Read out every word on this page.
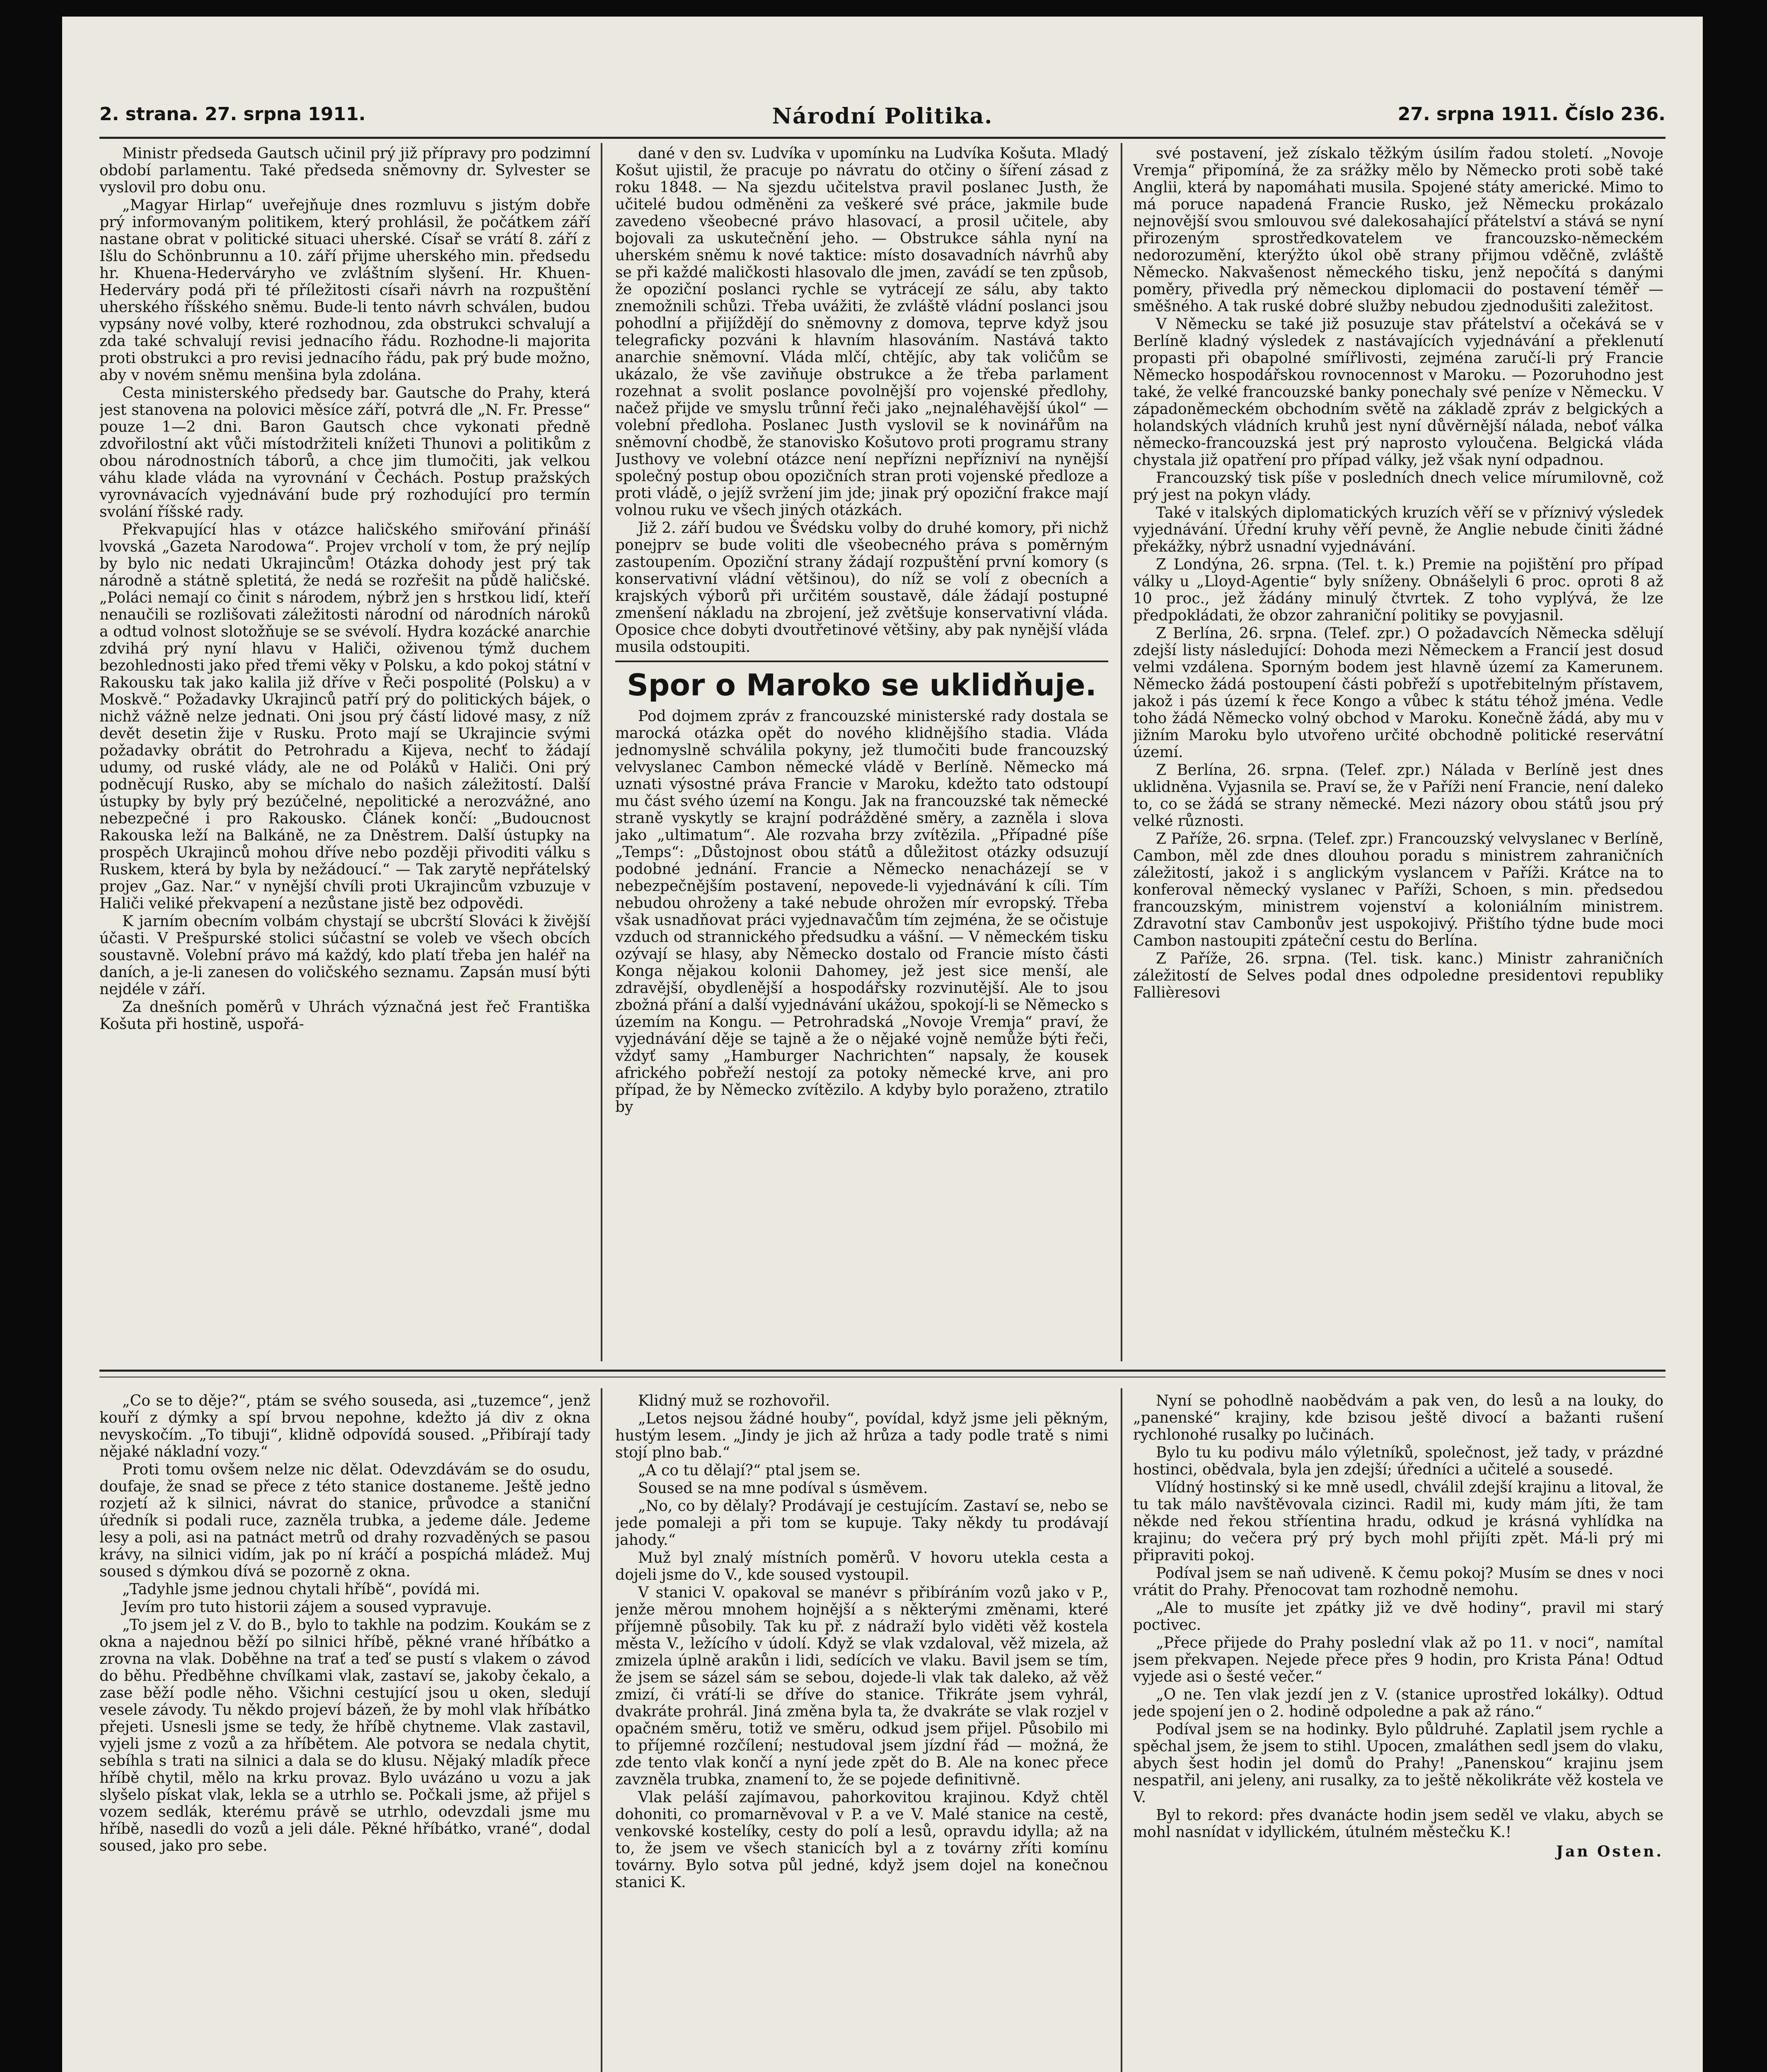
2. strana. 27. srpna 1911.	Národní Politika.	27. srpna 1911. Číslo 236.

Ministr předseda Gautsch učinil prý již přípravy pro podzimní období parlamentu. Také předseda sněmovny dr. Sylvester se vyslovil pro dobu onu.

„Magyar Hirlap“ uveřejňuje dnes rozmluvu s jistým dobře prý informovaným politikem, který prohlásil, že počátkem září nastane obrat v politické situaci uherské. Císař se vrátí 8. září z Išlu do Schönbrunnu a 10. září přijme uherského min. předsedu hr. Khuena-Hederváryho ve zvláštním slyšení. Hr. Khuen-Hederváry podá při té příležitosti císaři návrh na rozpuštění uherského říšského sněmu. Bude-li tento návrh schválen, budou vypsány nové volby, které rozhodnou, zda obstrukci schvalují a zda také schvalují revisi jednacího řádu. Rozhodne-li majorita proti obstrukci a pro revisi jednacího řádu, pak prý bude možno, aby v novém sněmu menšina byla zdolána.

Cesta ministerského předsedy bar. Gautsche do Prahy, která jest stanovena na polovici měsíce září, potvrá dle „N. Fr. Presse“ pouze 1—2 dni. Baron Gautsch chce vykonati předně zdvořilostní akt vůči místodržiteli knížeti Thunovi a politikům z obou národnostních táborů, a chce jim tlumočiti, jak velkou váhu klade vláda na vyrovnání v Čechách. Postup pražských vyrovnávacích vyjednávání bude prý rozhodující pro termín svolání říšské rady.

Překvapující hlas v otázce haličského smiřování přináší lvovská „Gazeta Narodowa“. Projev vrcholí v tom, že prý nejlíp by bylo nic nedati Ukrajincům! Otázka dohody jest prý tak národně a státně spletitá, že nedá se rozřešit na půdě haličské. „Poláci nemají co činit s národem, nýbrž jen s hrstkou lidí, kteří nenaučili se rozlišovati záležitosti národní od národních nároků a odtud volnost slotožňuje se se svévolí. Hydra kozácké anarchie zdvihá prý nyní hlavu v Haliči, oživenou týmž duchem bezohlednosti jako před třemi věky v Polsku, a kdo pokoj státní v Rakousku tak jako kalila již dříve v Řeči pospolité (Polsku) a v Moskvě.“ Požadavky Ukrajinců patří prý do politických bájek, o nichž vážně nelze jednati. Oni jsou prý částí lidové masy, z níž devět desetin žije v Rusku. Proto mají se Ukrajincie svými požadavky obrátit do Petrohradu a Kijeva, nechť to žádají udumy, od ruské vlády, ale ne od Poláků v Haliči. Oni prý podněcují Rusko, aby se míchalo do našich záležitostí. Další ústupky by byly prý bezúčelné, nepolitické a nerozvážné, ano nebezpečné i pro Rakousko. Článek končí: „Budoucnost Rakouska leží na Balkáně, ne za Dněstrem. Další ústupky na prospěch Ukrajinců mohou dříve nebo později přivoditi válku s Ruskem, která by byla by nežádoucí.“ — Tak zarytě nepřátelský projev „Gaz. Nar.“ v nynější chvíli proti Ukrajincům vzbuzuje v Haliči veliké překvapení a nezůstane jistě bez odpovědi.

K jarním obecním volbám chystají se ubcrští Slováci k živější účasti. V Prešpurské stolici súčastní se voleb ve všech obcích soustavně. Volební právo má každý, kdo platí třeba jen haléř na daních, a je-li zanesen do voličského seznamu. Zapsán musí býti nejdéle v září.

Za dnešních poměrů v Uhrách význačná jest řeč Františka Košuta při hostině, uspořá-

dané v den sv. Ludvíka v upomínku na Ludvíka Košuta. Mladý Košut ujistil, že pracuje po návratu do otčiny o šíření zásad z roku 1848. — Na sjezdu učitelstva pravil poslanec Justh, že učitelé budou odměněni za veškeré své práce, jakmile bude zavedeno všeobecné právo hlasovací, a prosil učitele, aby bojovali za uskutečnění jeho. — Obstrukce sáhla nyní na uherském sněmu k nové taktice: místo dosavadních návrhů aby se při každé maličkosti hlasovalo dle jmen, zavádí se ten způsob, že opoziční poslanci rychle se vytrácejí ze sálu, aby takto znemožnili schůzi. Třeba uvážiti, že zvláště vládní poslanci jsou pohodlní a přijíždějí do sněmovny z domova, teprve když jsou telegraficky pozváni k hlavním hlasováním. Nastává takto anarchie sněmovní. Vláda mlčí, chtějíc, aby tak voličům se ukázalo, že vše zaviňuje obstrukce a že třeba parlament rozehnat a svolit poslance povolnější pro vojenské předlohy, načež přijde ve smyslu trůnní řeči jako „nejnaléhavější úkol“ — volební předloha. Poslanec Justh vyslovil se k novinářům na sněmovní chodbě, že stanovisko Košutovo proti programu strany Justhovy ve volební otázce není nepřízni nepřízniví na nynější společný postup obou opozičních stran proti vojenské předloze a proti vládě, o jejíž svržení jim jde; jinak prý opoziční frakce mají volnou ruku ve všech jiných otázkách.

Již 2. září budou ve Švédsku volby do druhé komory, při nichž ponejprv se bude voliti dle všeobecného práva s poměrným zastoupením. Opoziční strany žádají rozpuštění první komory (s konservativní vládní většinou), do níž se volí z obecních a krajských výborů při určitém soustavě, dále žádají postupné zmenšení nákladu na zbrojení, jež zvětšuje konservativní vláda. Oposice chce dobyti dvoutřetinové většiny, aby pak nynější vláda musila odstoupiti.

Spor o Maroko se uklidňuje.

Pod dojmem zpráv z francouzské ministerské rady dostala se marocká otázka opět do nového klidnějšího stadia. Vláda jednomyslně schválila pokyny, jež tlumočiti bude francouzský velvyslanec Cambon německé vládě v Berlíně. Německo má uznati výsostné práva Francie v Maroku, kdežto tato odstoupí mu část svého území na Kongu. Jak na francouzské tak německé straně vyskytly se krajní podrážděné směry, a zazněla i slova jako „ultimatum“. Ale rozvaha brzy zvítězila. „Případné píše „Temps“: „Důstojnost obou států a důležitost otázky odsuzují podobné jednání. Francie a Německo nenacházejí se v nebezpečnějším postavení, nepovede-li vyjednávání k cíli. Tím nebudou ohroženy a také nebude ohrožen mír evropský. Třeba však usnadňovat práci vyjednavačům tím zejména, že se očistuje vzduch od strannického předsudku a vášní. — V německém tisku ozývají se hlasy, aby Německo dostalo od Francie místo části Konga nějakou kolonii Dahomey, jež jest sice menší, ale zdravější, obydlenější a hospodářsky rozvinutější. Ale to jsou zbožná přání a další vyjednávání ukážou, spokojí-li se Německo s územím na Kongu. — Petrohradská „Novoje Vremja“ praví, že vyjednávání děje se tajně a že o nějaké vojně nemůže býti řeči, vždyť samy „Hamburger Nachrichten“ napsaly, že kousek afrického pobřeží nestojí za potoky německé krve, ani pro případ, že by Německo zvítězilo. A kdyby bylo poraženo, ztratilo by

své postavení, jež získalo těžkým úsilím řadou století. „Novoje Vremja“ připomíná, že za srážky mělo by Německo proti sobě také Anglii, která by napomáhati musila. Spojené státy americké. Mimo to má poruce napadená Francie Rusko, jež Německu prokázalo nejnovější svou smlouvou své dalekosahající přátelství a stává se nyní přirozeným sprostředkovatelem ve francouzsko-německém nedorozumění, kterýžto úkol obě strany přijmou vděčně, zvláště Německo. Nakvašenost německého tisku, jenž nepočítá s danými poměry, přivedla prý německou diplomacii do postavení téměř — směšného. A tak ruské dobré služby nebudou zjednodušiti zaležitost.

V Německu se také již posuzuje stav přátelství a očekává se v Berlíně kladný výsledek z nastávajících vyjednávání a překlenutí propasti při obapolné smířlivosti, zejména zaručí-li prý Francie Německo hospodářskou rovnocennost v Maroku. — Pozoruhodno jest také, že velké francouzské banky ponechaly své peníze v Německu. V západoněmeckém obchodním světě na základě zpráv z belgických a holandských vládních kruhů jest nyní důvěrnější nálada, neboť válka německo-francouzská jest prý naprosto vyloučena. Belgická vláda chystala již opatření pro případ války, jež však nyní odpadnou.

Francouzský tisk píše v posledních dnech velice mírumilovně, což prý jest na pokyn vlády.

Také v italských diplomatických kruzích věří se v příznivý výsledek vyjednávání. Úřední kruhy věří pevně, že Anglie nebude činiti žádné překážky, nýbrž usnadní vyjednávání.

Z Londýna, 26. srpna. (Tel. t. k.) Premie na pojištění pro případ války u „Lloyd-Agentie“ byly sníženy. Obnášelyli 6 proc. oproti 8 až 10 proc., jež žádány minulý čtvrtek. Z toho vyplývá, že lze předpokládati, že obzor zahraniční politiky se povyjasnil.

Z Berlína, 26. srpna. (Telef. zpr.) O požadavcích Německa sdělují zdejší listy následující: Dohoda mezi Německem a Francií jest dosud velmi vzdálena. Sporným bodem jest hlavně území za Kamerunem. Německo žádá postoupení části pobřeží s upotřebitelným přístavem, jakož i pás území k řece Kongo a vůbec k státu téhož jména. Vedle toho žádá Německo volný obchod v Maroku. Konečně žádá, aby mu v jižním Maroku bylo utvořeno určité obchodně politické reservátní území.

Z Berlína, 26. srpna. (Telef. zpr.) Nálada v Berlíně jest dnes uklidněna. Vyjasnila se. Praví se, že v Paříži není Francie, není daleko to, co se žádá se strany německé. Mezi názory obou států jsou prý velké různosti.

Z Paříže, 26. srpna. (Telef. zpr.) Francouzský velvyslanec v Berlíně, Cambon, měl zde dnes dlouhou poradu s ministrem zahraničních záležitostí, jakož i s anglickým vyslancem v Paříži. Krátce na to konferoval německý vyslanec v Paříži, Schoen, s min. předsedou francouzským, ministrem vojenství a koloniálním ministrem. Zdravotní stav Cambonův jest uspokojivý. Přištího týdne bude moci Cambon nastoupiti zpáteční cestu do Berlína.

Z Paříže, 26. srpna. (Tel. tisk. kanc.) Ministr zahraničních záležitostí de Selves podal dnes odpoledne presidentovi republiky Fallièresovi

„Co se to děje?“, ptám se svého souseda, asi „tuzemce“, jenž kouří z dýmky a spí brvou nepohne, kdežto já div z okna nevyskočím. „To tibuji“, klidně odpovídá soused. „Přibírají tady nějaké nákladní vozy.“

Proti tomu ovšem nelze nic dělat. Odevzdávám se do osudu, doufaje, že snad se přece z této stanice dostaneme. Ještě jedno rozjetí až k silnici, návrat do stanice, průvodce a staniční úředník si podali ruce, zazněla trubka, a jedeme dále. Jedeme lesy a poli, asi na patnáct metrů od drahy rozvaděných se pasou krávy, na silnici vidím, jak po ní kráčí a pospíchá mládež. Muj soused s dýmkou dívá se pozorně z okna.

„Tadyhle jsme jednou chytali hříbě“, povídá mi.

Jevím pro tuto historii zájem a soused vypravuje.

„To jsem jel z V. do B., bylo to takhle na podzim. Koukám se z okna a najednou běží po silnici hříbě, pěkné vrané hříbátko a zrovna na vlak. Doběhne na trať a teď se pustí s vlakem o závod do běhu. Předběhne chvílkami vlak, zastaví se, jakoby čekalo, a zase běží podle něho. Všichni cestující jsou u oken, sledují vesele závody. Tu někdo projeví bázeň, že by mohl vlak hříbátko přejeti. Usnesli jsme se tedy, že hříbě chytneme. Vlak zastavil, vyjeli jsme z vozů a za hříbětem. Ale potvora se nedala chytit, sebíhla s trati na silnici a dala se do klusu. Nějaký mladík přece hříbě chytil, mělo na krku provaz. Bylo uvázáno u vozu a jak slyšelo pískat vlak, lekla se a utrhlo se. Počkali jsme, až přijel s vozem sedlák, kterému právě se utrhlo, odevzdali jsme mu hříbě, nasedli do vozů a jeli dále. Pěkné hříbátko, vrané“, dodal soused, jako pro sebe.

Klidný muž se rozhovořil.

„Letos nejsou žádné houby“, povídal, když jsme jeli pěkným, hustým lesem. „Jindy je jich až hrůza a tady podle tratě s nimi stojí plno bab.“

„A co tu dělají?“ ptal jsem se.

Soused se na mne podíval s úsměvem.

„No, co by dělaly? Prodávají je cestujícím. Zastaví se, nebo se jede pomaleji a při tom se kupuje. Taky někdy tu prodávají jahody.“

Muž byl znalý místních poměrů. V hovoru utekla cesta a dojeli jsme do V., kde soused vystoupil.

V stanici V. opakoval se manévr s přibíráním vozů jako v P., jenže měrou mnohem hojnější a s některými změnami, které příjemně působily. Tak ku př. z nádraží bylo viděti věž kostela města V., ležícího v údolí. Když se vlak vzdaloval, věž mizela, až zmizela úplně arakůn i lidi, sedících ve vlaku. Bavil jsem se tím, že jsem se sázel sám se sebou, dojede-li vlak tak daleko, až věž zmizí, či vrátí-li se dříve do stanice. Třikráte jsem vyhrál, dvakráte prohrál. Jiná změna byla ta, že dvakráte se vlak rozjel v opačném směru, totiž ve směru, odkud jsem přijel. Působilo mi to příjemné rozčílení; nestudoval jsem jízdní řád — možná, že zde tento vlak končí a nyní jede zpět do B. Ale na konec přece zavzněla trubka, znamení to, že se pojede definitivně.

Vlak peláší zajímavou, pahorkovitou krajinou. Když chtěl dohoniti, co promarněvoval v P. a ve V. Malé stanice na cestě, venkovské kostelíky, cesty do polí a lesů, opravdu idylla; až na to, že jsem ve všech stanicích byl a z továrny zříti komínu továrny. Bylo sotva půl jedné, když jsem dojel na konečnou stanici K.

Nyní se pohodlně naobědvám a pak ven, do lesů a na louky, do „panenské“ krajiny, kde bzisou ještě divocí a bažanti rušení rychlonohé rusalky po lučinách.

Bylo tu ku podivu málo výletníků, společnost, jež tady, v prázdné hostinci, obědvala, byla jen zdejší; úředníci a učitelé a sousedé.

Vlídný hostinský si ke mně usedl, chválil zdejší krajinu a litoval, že tu tak málo navštěvovala cizinci. Radil mi, kudy mám jíti, že tam někde ned řekou stříentina hradu, odkud je krásná vyhlídka na krajinu; do večera prý prý bych mohl přijíti zpět. Má-li prý mi připraviti pokoj.

Podíval jsem se naň udiveně. K čemu pokoj? Musím se dnes v noci vrátit do Prahy. Přenocovat tam rozhodně nemohu.

„Ale to musíte jet zpátky již ve dvě hodiny“, pravil mi starý poctivec.

„Přece přijede do Prahy poslední vlak až po 11. v noci“, namítal jsem překvapen. Nejede přece přes 9 hodin, pro Krista Pána! Odtud vyjede asi o šesté večer.“

„O ne. Ten vlak jezdí jen z V. (stanice uprostřed lokálky). Odtud jede spojení jen o 2. hodině odpoledne a pak až ráno.“

Podíval jsem se na hodinky. Bylo půldruhé. Zaplatil jsem rychle a spěchal jsem, že jsem to stihl. Upocen, zmaláthen sedl jsem do vlaku, abych šest hodin jel domů do Prahy! „Panenskou“ krajinu jsem nespatřil, ani jeleny, ani rusalky, za to ještě několikráte věž kostela ve V.

Byl to rekord: přes dvanácte hodin jsem seděl ve vlaku, abych se mohl nasnídat v idyllickém, útulném městečku K.!

Jan Osten.
